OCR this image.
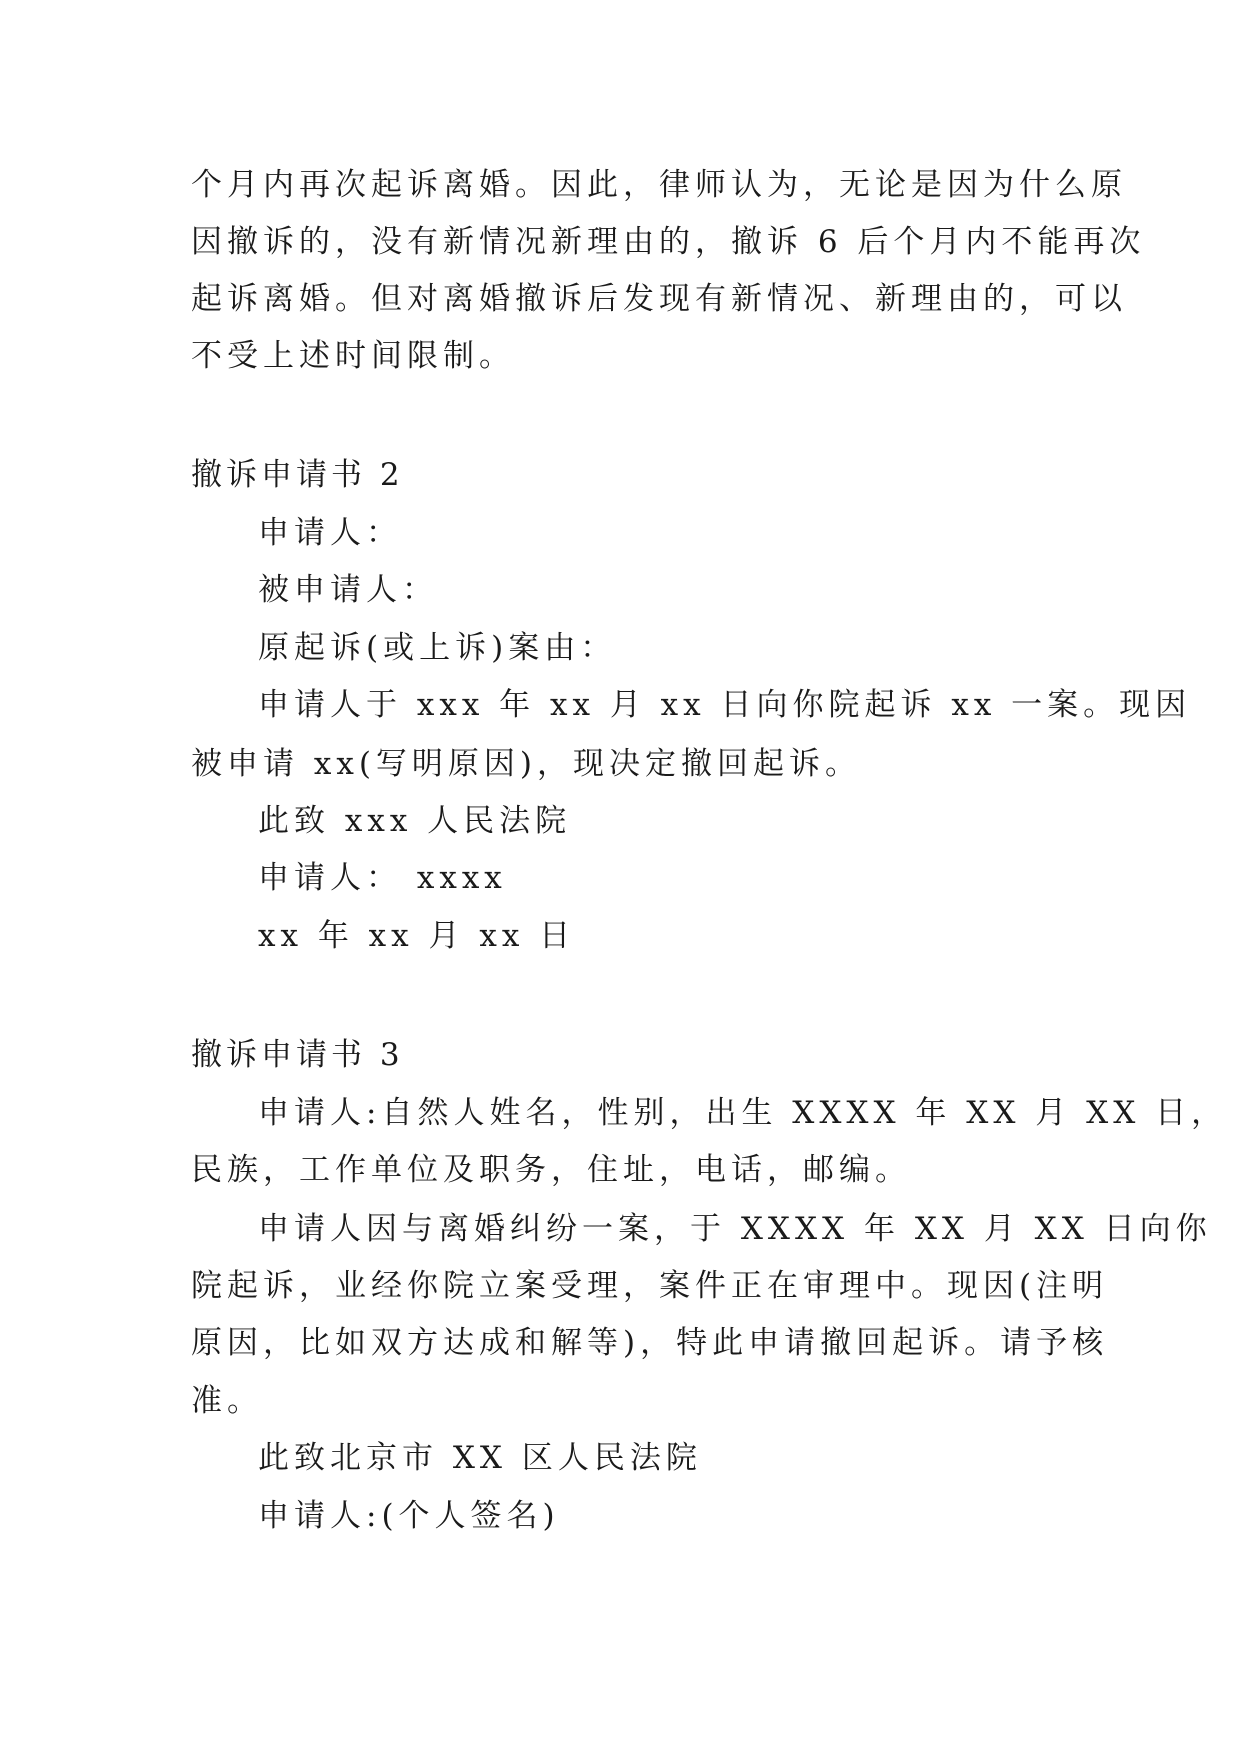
个月内再次起诉离婚。因此，律师认为，无论是因为什么原
因撤诉的，没有新情况新理由的，撤诉 6 后个月内不能再次
起诉离婚。但对离婚撤诉后发现有新情况、新理由的，可以
不受上述时间限制。
撤诉申请书 2
申请人：
被申请人：
原起诉(或上诉)案由：
申请人于 xxx 年 xx 月 xx 日向你院起诉 xx 一案。现因
被申请 xx(写明原因)，现决定撤回起诉。
此致 xxx 人民法院
申请人： xxxx
xx 年 xx 月 xx 日
撤诉申请书 3
申请人:自然人姓名，性别，出生 XXXX 年 XX 月 XX 日，
民族，工作单位及职务，住址，电话，邮编。
申请人因与离婚纠纷一案，于 XXXX 年 XX 月 XX 日向你
院起诉，业经你院立案受理，案件正在审理中。现因(注明
原因，比如双方达成和解等)，特此申请撤回起诉。请予核
准。
此致北京市 XX 区人民法院
申请人:(个人签名)
